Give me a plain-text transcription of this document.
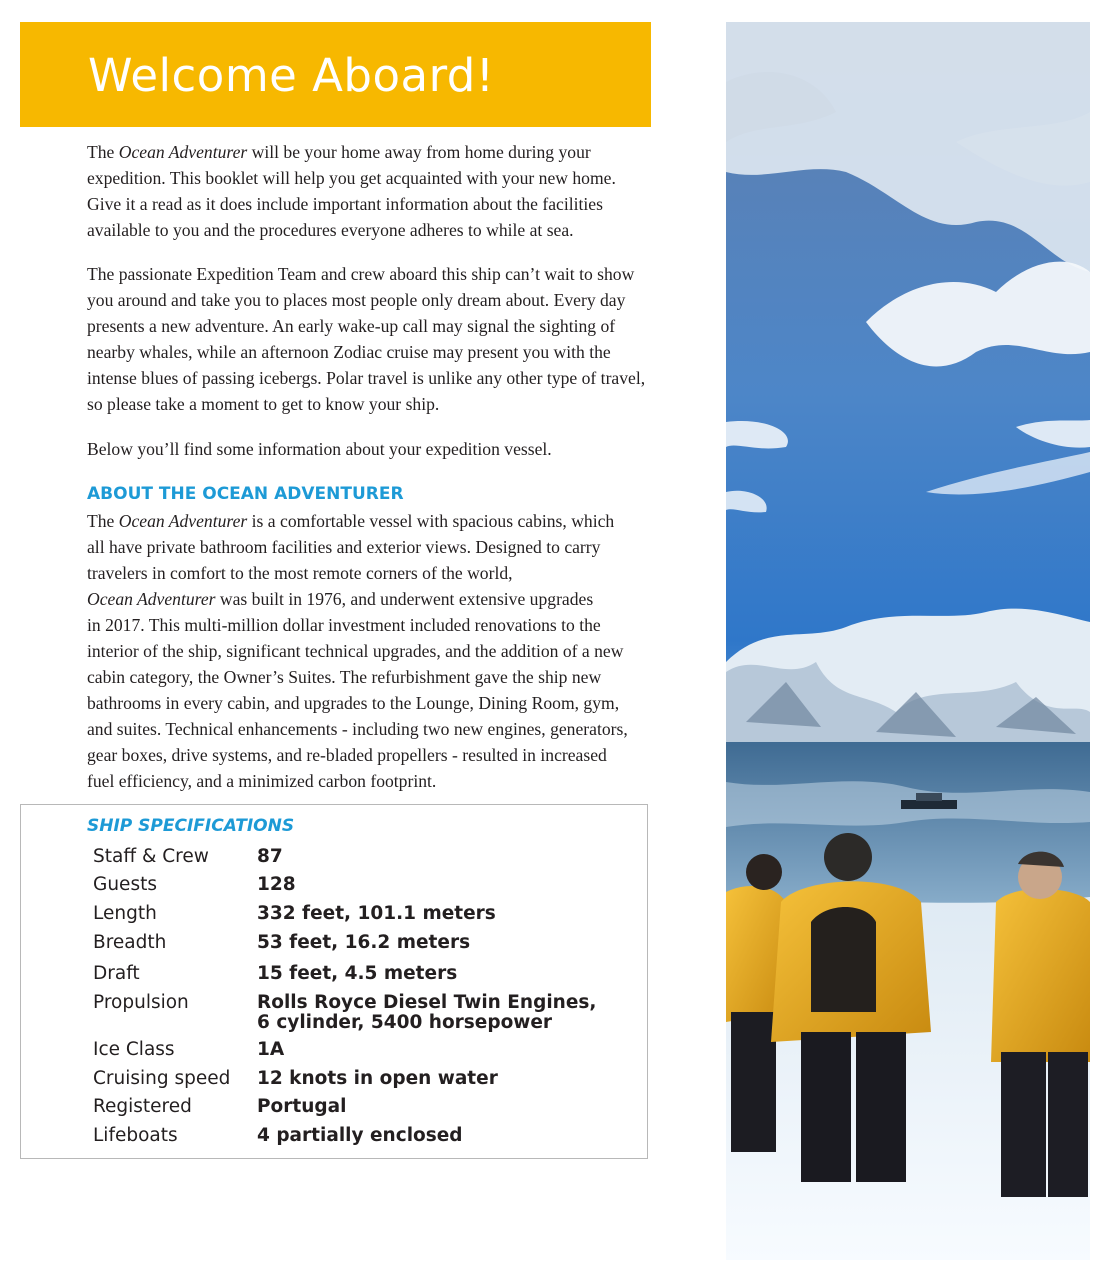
Welcome Aboard!

The Ocean Adventurer will be your home away from home during your expedition. This booklet will help you get acquainted with your new home. Give it a read as it does include important information about the facilities available to you and the procedures everyone adheres to while at sea.

The passionate Expedition Team and crew aboard this ship can’t wait to show you around and take you to places most people only dream about. Every day presents a new adventure. An early wake-up call may signal the sighting of nearby whales, while an afternoon Zodiac cruise may present you with the intense blues of passing icebergs. Polar travel is unlike any other type of travel, so please take a moment to get to know your ship.

Below you’ll find some information about your expedition vessel.

ABOUT THE OCEAN ADVENTURER

The Ocean Adventurer is a comfortable vessel with spacious cabins, which
all have private bathroom facilities and exterior views. Designed to carry
travelers in comfort to the most remote corners of the world,
Ocean Adventurer was built in 1976, and underwent extensive upgrades
in 2017. This multi-million dollar investment included renovations to the
interior of the ship, significant technical upgrades, and the addition of a new
cabin category, the Owner’s Suites. The refurbishment gave the ship new
bathrooms in every cabin, and upgrades to the Lounge, Dining Room, gym,
and suites. Technical enhancements - including two new engines, generators,
gear boxes, drive systems, and re-bladed propellers - resulted in increased
fuel efficiency, and a minimized carbon footprint.

SHIP SPECIFICATIONS
Staff & Crew	87
Guests	128
Length	332 feet, 101.1 meters
Breadth	53 feet, 16.2 meters
Draft	15 feet, 4.5 meters
Propulsion	Rolls Royce Diesel Twin Engines,
6 cylinder, 5400 horsepower
Ice Class	1A
Cruising speed 12 knots in open water
Registered	Portugal
Lifeboats	4 partially enclosed
